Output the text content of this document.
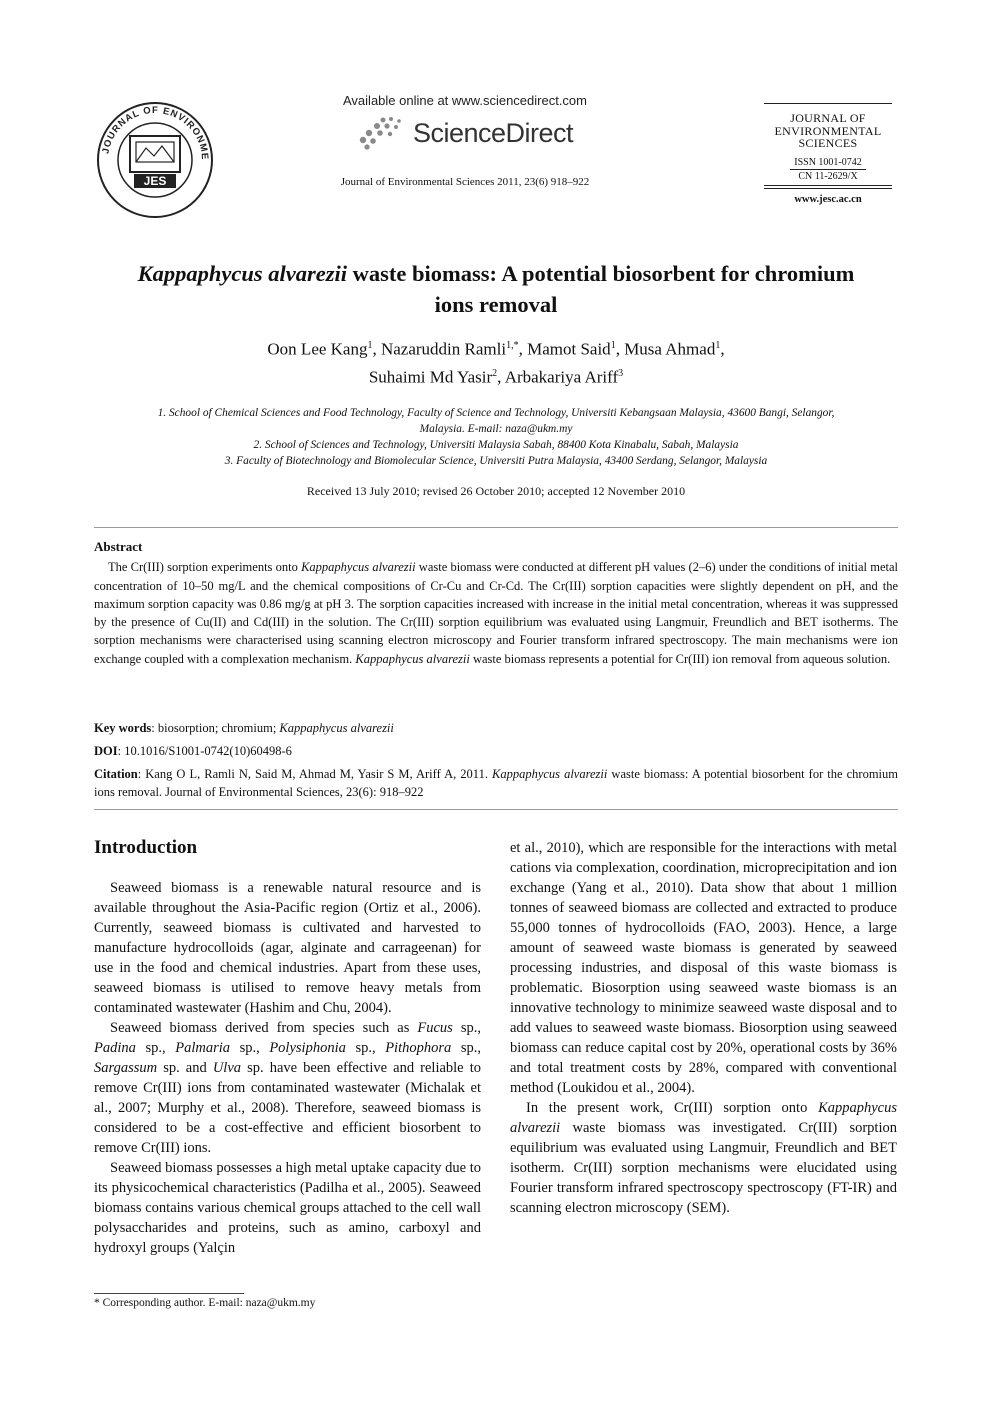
JOURNAL OF ENVIRONME
JES
Available online at www.sciencedirect.com
ScienceDirect
Journal of Environmental Sciences 2011, 23(6) 918–922
JOURNAL OF
ENVIRONMENTAL
SCIENCES
ISSN 1001-0742
CN 11-2629/X
www.jesc.ac.cn
Kappaphycus alvarezii waste biomass: A potential biosorbent for chromium
ions removal
Oon Lee Kang$^1$, Nazaruddin Ramli$^{1,*}$, Mamot Said$^1$, Musa Ahmad$^1$,
Suhaimi Md Yasir$^2$, Arbakariya Ariff$^3$
1. School of Chemical Sciences and Food Technology, Faculty of Science and Technology, Universiti Kebangsaan Malaysia, 43600 Bangi, Selangor,
Malaysia. E-mail: naza@ukm.my
2. School of Sciences and Technology, Universiti Malaysia Sabah, 88400 Kota Kinabalu, Sabah, Malaysia
3. Faculty of Biotechnology and Biomolecular Science, Universiti Putra Malaysia, 43400 Serdang, Selangor, Malaysia
Received 13 July 2010; revised 26 October 2010; accepted 12 November 2010
Abstract

The Cr(III) sorption experiments onto Kappaphycus alvarezii waste biomass were conducted at different pH values (2–6) under the conditions of initial metal concentration of 10–50 mg/L and the chemical compositions of Cr-Cu and Cr-Cd. The Cr(III) sorption capacities were slightly dependent on pH, and the maximum sorption capacity was 0.86 mg/g at pH 3. The sorption capacities increased with increase in the initial metal concentration, whereas it was suppressed by the presence of Cu(II) and Cd(III) in the solution. The Cr(III) sorption equilibrium was evaluated using Langmuir, Freundlich and BET isotherms. The sorption mechanisms were characterised using scanning electron microscopy and Fourier transform infrared spectroscopy. The main mechanisms were ion exchange coupled with a complexation mechanism. Kappaphycus alvarezii waste biomass represents a potential for Cr(III) ion removal from aqueous solution.

Key words: biosorption; chromium; Kappaphycus alvarezii
DOI: 10.1016/S1001-0742(10)60498-6
Citation: Kang O L, Ramli N, Said M, Ahmad M, Yasir S M, Ariff A, 2011. Kappaphycus alvarezii waste biomass: A potential biosorbent for the chromium ions removal. Journal of Environmental Sciences, 23(6): 918–922
Introduction

Seaweed biomass is a renewable natural resource and is available throughout the Asia-Pacific region (Ortiz et al., 2006). Currently, seaweed biomass is cultivated and harvested to manufacture hydrocolloids (agar, alginate and carrageenan) for use in the food and chemical industries. Apart from these uses, seaweed biomass is utilised to remove heavy metals from contaminated wastewater (Hashim and Chu, 2004).

Seaweed biomass derived from species such as Fucus sp., Padina sp., Palmaria sp., Polysiphonia sp., Pithophora sp., Sargassum sp. and Ulva sp. have been effective and reliable to remove Cr(III) ions from contaminated wastewater (Michalak et al., 2007; Murphy et al., 2008). Therefore, seaweed biomass is considered to be a cost-effective and efficient biosorbent to remove Cr(III) ions.

Seaweed biomass possesses a high metal uptake capacity due to its physicochemical characteristics (Padilha et al., 2005). Seaweed biomass contains various chemical groups attached to the cell wall polysaccharides and proteins, such as amino, carboxyl and hydroxyl groups (Yalçin

et al., 2010), which are responsible for the interactions with metal cations via complexation, coordination, microprecipitation and ion exchange (Yang et al., 2010). Data show that about 1 million tonnes of seaweed biomass are collected and extracted to produce 55,000 tonnes of hydrocolloids (FAO, 2003). Hence, a large amount of seaweed waste biomass is generated by seaweed processing industries, and disposal of this waste biomass is problematic. Biosorption using seaweed waste biomass is an innovative technology to minimize seaweed waste disposal and to add values to seaweed waste biomass. Biosorption using seaweed biomass can reduce capital cost by 20%, operational costs by 36% and total treatment costs by 28%, compared with conventional method (Loukidou et al., 2004).

In the present work, Cr(III) sorption onto Kappaphycus alvarezii waste biomass was investigated. Cr(III) sorption equilibrium was evaluated using Langmuir, Freundlich and BET isotherm. Cr(III) sorption mechanisms were elucidated using Fourier transform infrared spectroscopy spectroscopy (FT-IR) and scanning electron microscopy (SEM).

* Corresponding author. E-mail: naza@ukm.my
